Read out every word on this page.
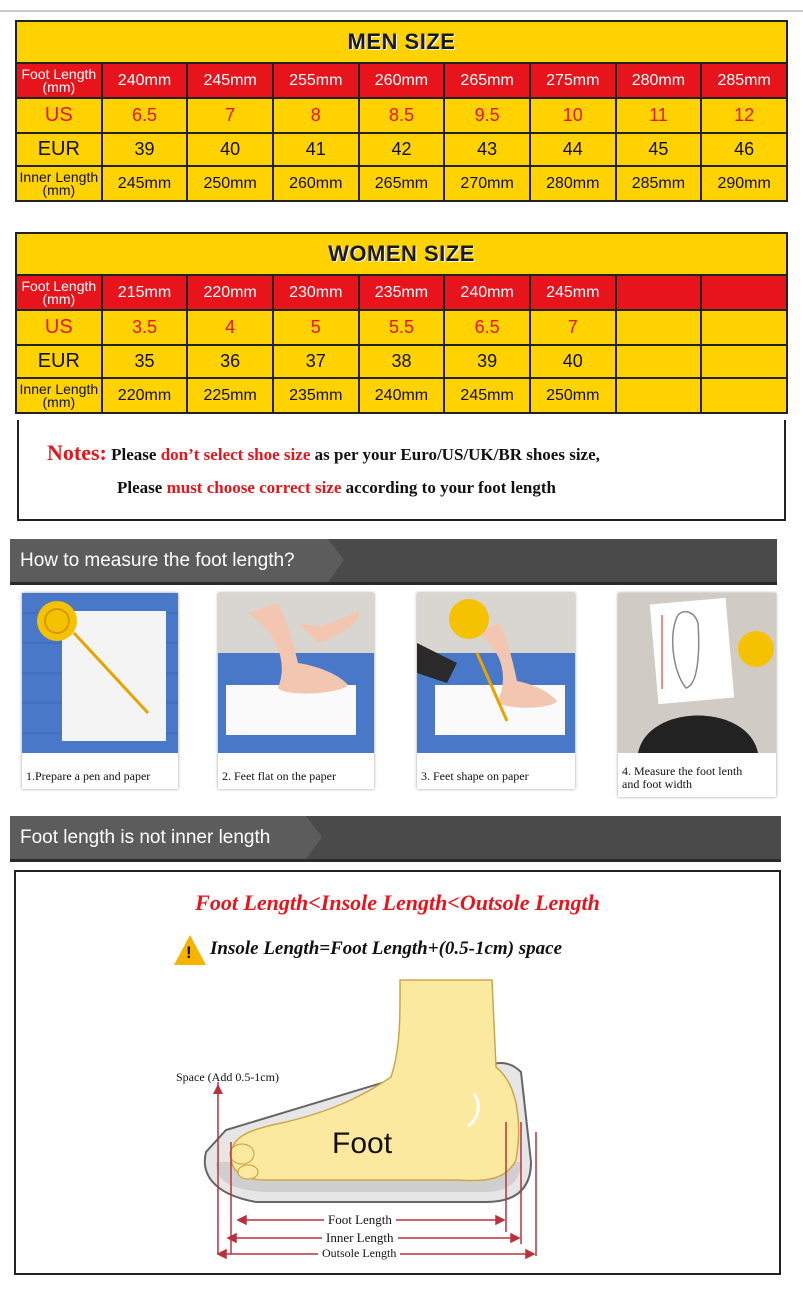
MEN SIZE								
Foot Length
(mm)	240mm	245mm	255mm	260mm	265mm	275mm	280mm	285mm
US	6.5	7	8	8.5	9.5	10	11	12
EUR	39	40	41	42	43	44	45	46
Inner Length
(mm)	245mm	250mm	260mm	265mm	270mm	280mm	285mm	290mm
WOMEN SIZE								
Foot Length
(mm)	215mm	220mm	230mm	235mm	240mm	245mm		
US	3.5	4	5	5.5	6.5	7		
EUR	35	36	37	38	39	40		
Inner Length
(mm)	220mm	225mm	235mm	240mm	245mm	250mm		
Notes: Please don’t select shoe size as per your Euro/US/UK/BR shoes size,
Please must choose correct size according to your foot length
How to measure the foot length?
1.Prepare a pen and paper	2. Feet flat on the paper	3. Feet shape on paper	4. Measure the foot lenth
and foot width
Foot length is not inner length
Foot Length<Insole Length<Outsole Length
! Insole Length=Foot Length+(0.5-1cm) space
Space (Add 0.5-1cm)
Foot
Foot Length
Inner Length
Outsole Length
